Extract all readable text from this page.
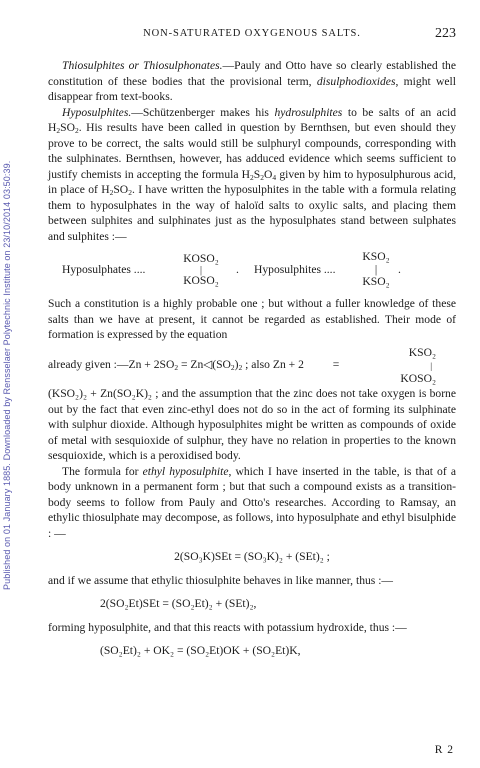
Published on 01 January 1885. Downloaded by Rensselaer Polytechnic Institute on 23/10/2014 03:50:39.
NON-SATURATED OXYGENOUS SALTS.	223

Thiosulphites or Thiosulphonates.—Pauly and Otto have so clearly established the constitution of these bodies that the provisional term, disulphodioxides, might well disappear from text-books.

Hyposulphites.—Schützenberger makes his hydrosulphites to be salts of an acid $H_2SO_2$. His results have been called in question by Bernthsen, but even should they prove to be correct, the salts would still be sulphuryl compounds, corresponding with the sulphinates. Bernthsen, however, has adduced evidence which seems sufficient to justify chemists in accepting the formula $H_2S_2O_4$ given by him to hyposulphurous acid, in place of $H_2SO_2$. I have written the hyposulphites in the table with a formula relating them to hyposulphates in the way of haloïd salts to oxylic salts, and placing them between sulphites and sulphinates just as the hyposulphates stand between sulphates and sulphites :—

Hyposulphates ....
KOSO₂
|
KOSO₂
.	Hyposulphites ....
KSO₂
|
KSO₂
.

Such a constitution is a highly probable one ; but without a fuller knowledge of these salts than we have at present, it cannot be regarded as established. Their mode of formation is expressed by the equation

already given :—Zn + $2SO_2$ = $Zn◁(SO_2)_2$ ; also Zn + 2 =
KSO₂
|
KOSO₂

(KSO₂)₂ + Zn(SO₂K)₂ ; and the assumption that the zinc does not take oxygen is borne out by the fact that even zinc-ethyl does not do so in the act of forming its sulphinate with sulphur dioxide. Although hyposulphites might be written as compounds of oxide of metal with sesquioxide of sulphur, they have no relation in properties to the known sesquioxide, which is a peroxidised body.

The formula for ethyl hyposulphite, which I have inserted in the table, is that of a body unknown in a permanent form ; but that such a compound exists as a transition-body seems to follow from Pauly and Otto's researches. According to Ramsay, an ethylic thiosulphate may decompose, as follows, into hyposulphate and ethyl bisulphide : —

2(SO₃K)SEt = (SO₃K)₂ + (SEt)₂ ;

and if we assume that ethylic thiosulphite behaves in like manner, thus :—

2(SO₂Et)SEt = (SO₂Et)₂ + (SEt)₂,

forming hyposulphite, and that this reacts with potassium hydroxide, thus :—

(SO₂Et)₂ + OK₂ = (SO₂Et)OK + (SO₂Et)K,
R 2
